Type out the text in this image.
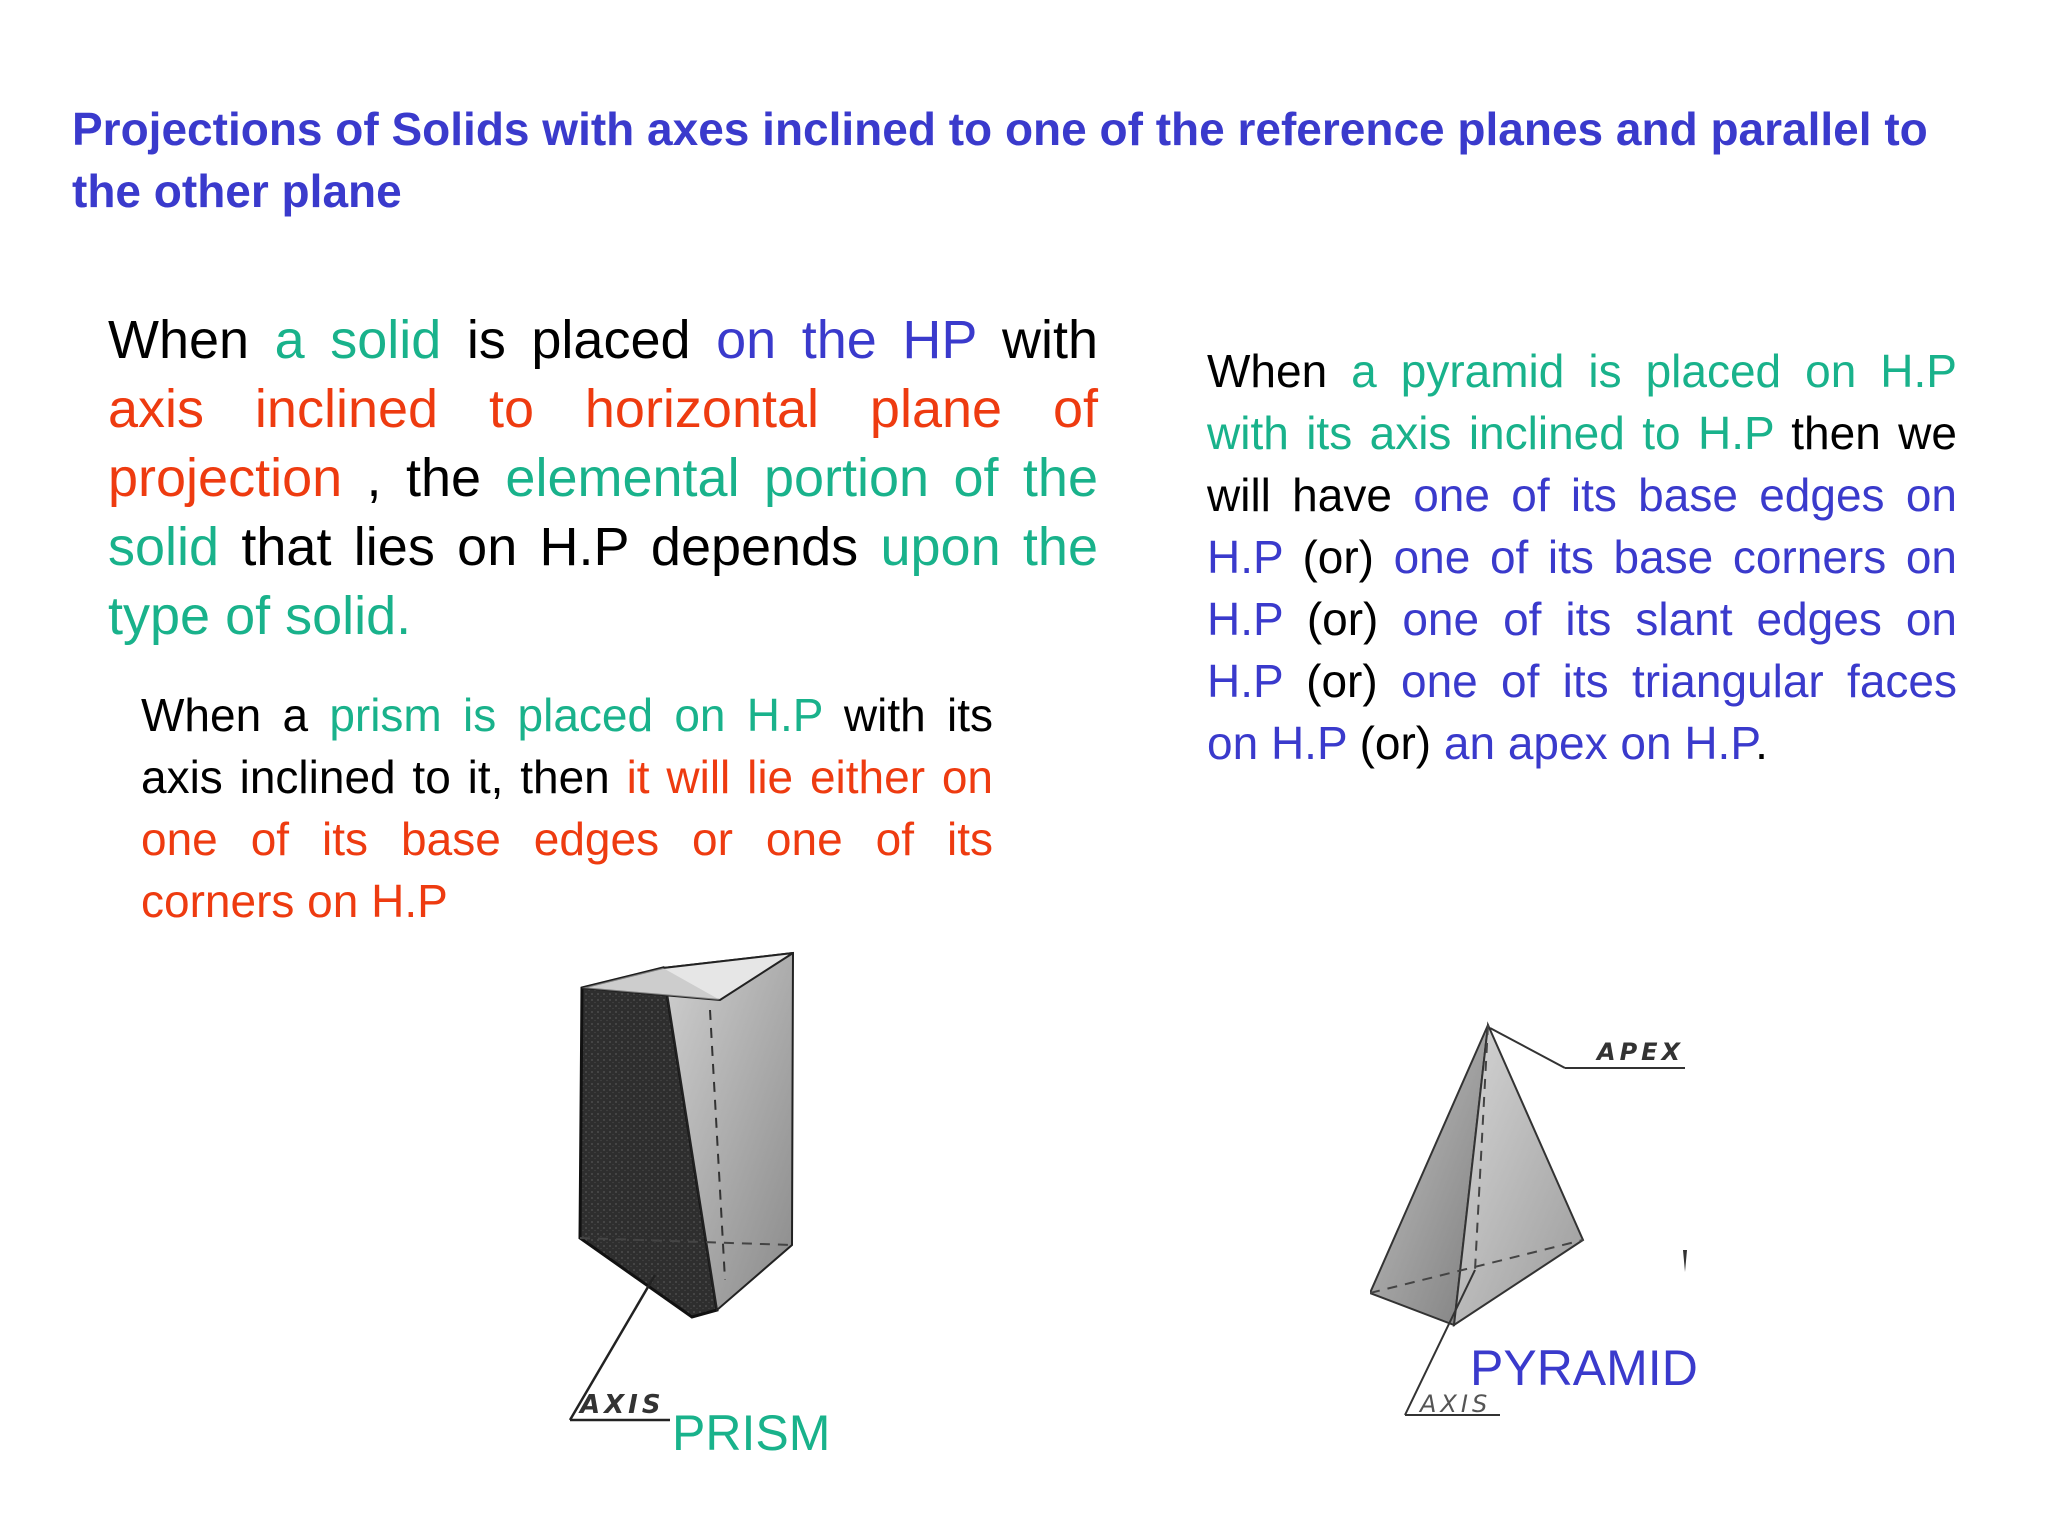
Projections of Solids with axes inclined to one of the reference planes and parallel to the other plane

When a solid is placed on the HP with axis inclined to horizontal plane of projection , the elemental portion of the solid that lies on H.P depends upon the type of solid.

When a pyramid is placed on H.P with its axis inclined to H.P then we will have one of its base edges on H.P (or) one of its base corners on H.P (or) one of its slant edges on H.P (or) one of its triangular faces on H.P (or) an apex on H.P.

When a prism is placed on H.P with its axis inclined to it, then it will lie either on one of its base edges or one of its corners on H.P

AXIS PRISM
APEX
AXIS
PYRAMID
